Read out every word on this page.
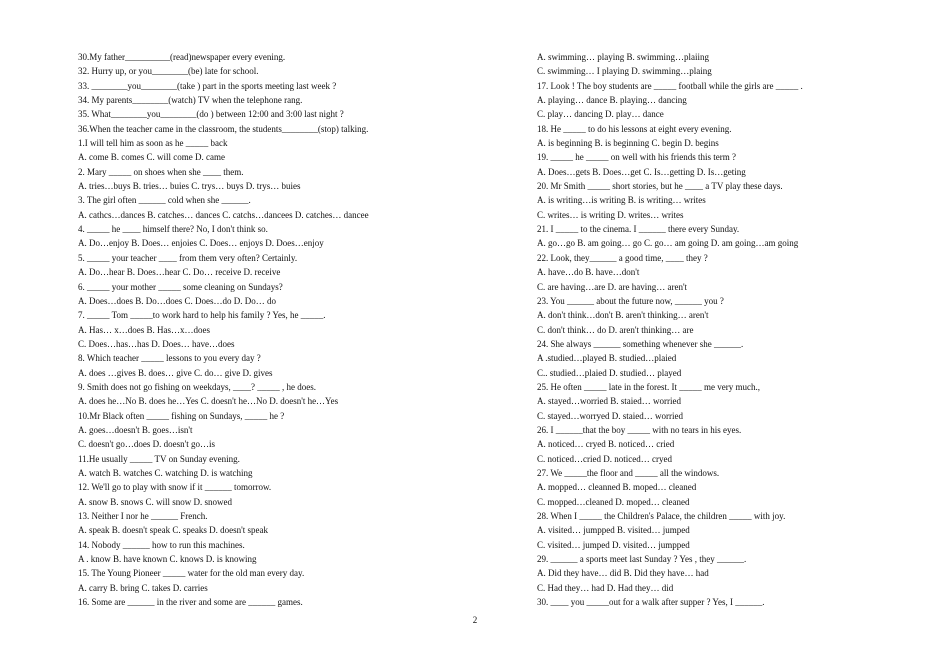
30.My father__________(read)newspaper every evening.
32. Hurry up, or you________(be) late for school.
33. ________you________(take ) part in the sports meeting last week ?
34. My parents________(watch) TV when the telephone rang.
35. What________you________(do ) between 12:00 and 3:00 last night ?
36.When the teacher came in the classroom, the students________(stop) talking.
1.I will tell him as soon as he _____ back
A. come B. comes C. will come D. came
2. Mary _____ on shoes when she ____ them.
A. tries…buys B. tries… buies C. trys… buys D. trys… buies
3. The girl often ______ cold when she ______.
A. cathcs…dances B. catches… dances C. catchs…dancees D. catches… dancee
4. _____ he ____ himself there? No, I don't think so.
A. Do…enjoy B. Does… enjoies C. Does… enjoys D. Does…enjoy
5. _____ your teacher ____ from them very often? Certainly.
A. Do…hear B. Does…hear C. Do… receive D. receive
6. _____ your mother _____ some cleaning on Sundays?
A. Does…does B. Do…does C. Does…do D. Do… do
7. _____ Tom _____to work hard to help his family ? Yes, he _____.
A. Has… x…does B. Has…x…does
C. Does…has…has D. Does… have…does
8. Which teacher _____ lessons to you every day ?
A. does …gives B. does… give C. do… give D. gives
9. Smith does not go fishing on weekdays, ____? _____ , he does.
A. does he…No B. does he…Yes C. doesn't he…No D. doesn't he…Yes
10.Mr Black often _____ fishing on Sundays, _____ he ?
A. goes…doesn't B. goes…isn't
C. doesn't go…does D. doesn't go…is
11.He usually _____ TV on Sunday evening.
A. watch B. watches C. watching D. is watching
12. We'll go to play with snow if it ______ tomorrow.
A. snow B. snows C. will snow D. snowed
13. Neither I nor he ______ French.
A. speak B. doesn't speak C. speaks D. doesn't speak
14. Nobody ______ how to run this machines.
A . know B. have known C. knows D. is knowing
15. The Young Pioneer _____ water for the old man every day.
A. carry B. bring C. takes D. carries
16. Some are ______ in the river and some are ______ games.
A. swimming… playing B. swimming…plaiing
C. swimming… I playing D. swimming…plaing
17. Look ! The boy students are _____ football while the girls are _____ .
A. playing… dance B. playing… dancing
C. play… dancing D. play… dance
18. He _____ to do his lessons at eight every evening.
A. is beginning B. is beginning C. begin D. begins
19. _____ he _____ on well with his friends this term ?
A. Does…gets B. Does…get C. Is…getting D. Is…geting
20. Mr Smith _____ short stories, but he ____ a TV play these days.
A. is writing…is writing B. is writing… writes
C. writes… is writing D. writes… writes
21. I _____ to the cinema. I ______ there every Sunday.
A. go…go B. am going… go C. go… am going D. am going…am going
22. Look, they______ a good time, ____ they ?
A. have…do B. have…don't
C. are having…are D. are having… aren't
23. You ______ about the future now, ______ you ?
A. don't think…don't B. aren't thinking… aren't
C. don't think… do D. aren't thinking… are
24. She always ______ something whenever she ______.
A .studied…played B. studied…plaied
C.. studied…plaied D. studied… played
25. He often _____ late in the forest. It _____ me very much.,
A. stayed…worried B. staied… worried
C. stayed…worryed D. staied… worried
26. I ______that the boy _____ with no tears in his eyes.
A. noticed… cryed B. noticed… cried
C. noticed…cried D. noticed… cryed
27. We _____the floor and _____ all the windows.
A. mopped… cleanned B. moped… cleaned
C. mopped…cleaned D. moped… cleaned
28. When I _____ the Children's Palace, the children _____ with joy.
A. visited… jumpped B. visited… jumped
C. visited… jumped D. visited… jumpped
29. ______ a sports meet last Sunday ? Yes , they ______.
A. Did they have… did B. Did they have… had
C. Had they… had D. Had they… did
30. ____ you _____out for a walk after supper ? Yes, I ______.
2
